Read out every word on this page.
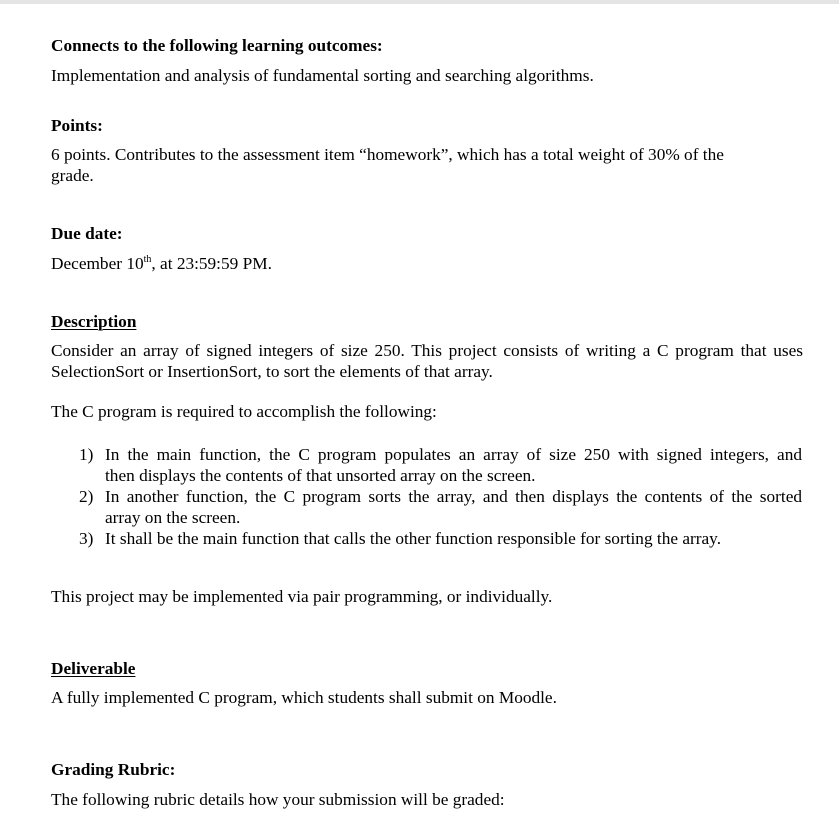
Connects to the following learning outcomes:
Implementation and analysis of fundamental sorting and searching algorithms.
Points:
6 points. Contributes to the assessment item “homework”, which has a total weight of 30% of the
grade.
Due date:
December 10th, at 23:59:59 PM.
Description
Consider an array of signed integers of size 250. This project consists of writing a C program that uses
SelectionSort or InsertionSort, to sort the elements of that array.
The C program is required to accomplish the following:
1) In the main function, the C program populates an array of size 250 with signed integers, and
then displays the contents of that unsorted array on the screen.
2) In another function, the C program sorts the array, and then displays the contents of the sorted
array on the screen.
3) It shall be the main function that calls the other function responsible for sorting the array.
This project may be implemented via pair programming, or individually.
Deliverable
A fully implemented C program, which students shall submit on Moodle.
Grading Rubric:
The following rubric details how your submission will be graded:
